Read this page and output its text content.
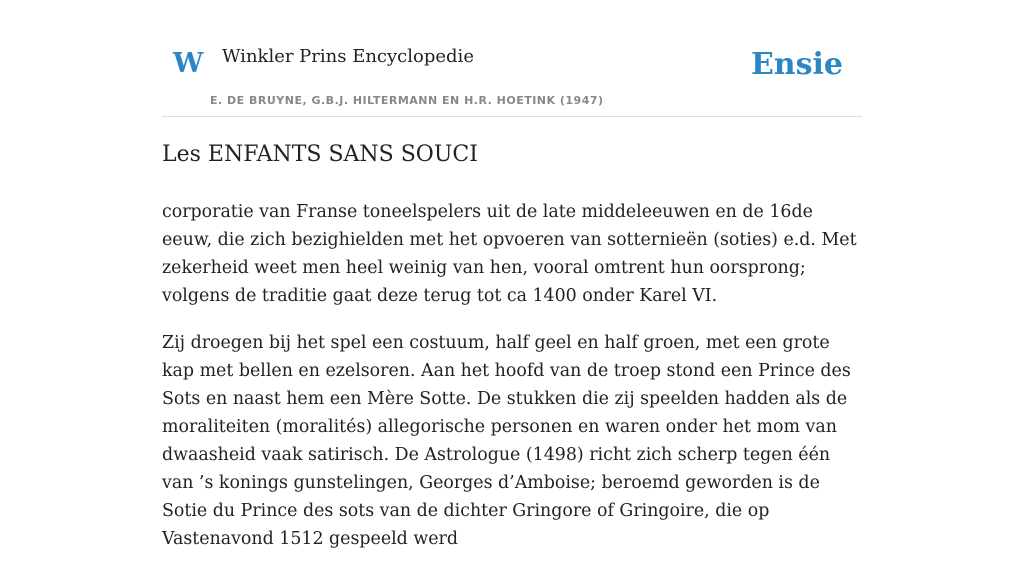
W Winkler Prins Encyclopedie
E. DE BRUYNE, G.B.J. HILTERMANN EN H.R. HOETINK (1947)
Ensie
Les ENFANTS SANS SOUCI

corporatie van Franse toneelspelers uit de late middeleeuwen en de 16de eeuw, die zich bezighielden met het opvoeren van sotternieën (soties) e.d. Met zekerheid weet men heel weinig van hen, vooral omtrent hun oorsprong; volgens de traditie gaat deze terug tot ca 1400 onder Karel VI.

Zij droegen bij het spel een costuum, half geel en half groen, met een grote kap met bellen en ezelsoren. Aan het hoofd van de troep stond een Prince des Sots en naast hem een Mère Sotte. De stukken die zij speelden hadden als de moraliteiten (moralités) allegorische personen en waren onder het mom van dwaasheid vaak satirisch. De Astrologue (1498) richt zich scherp tegen één van ’s konings gunstelingen, Georges d’Amboise; beroemd geworden is de Sotie du Prince des sots van de dichter Gringore of Gringoire, die op Vastenavond 1512 gespeeld werd
